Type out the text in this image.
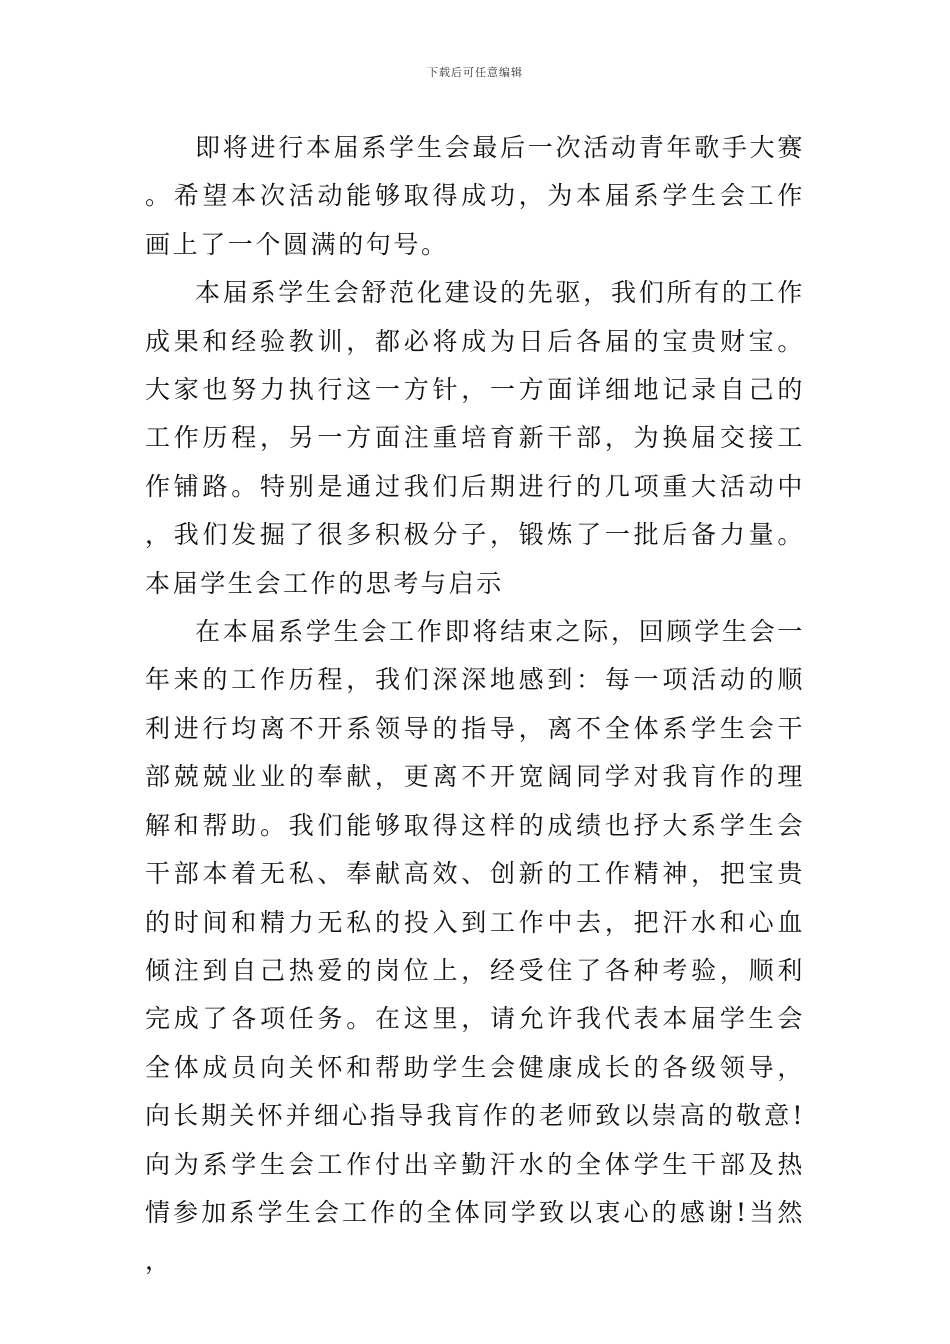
下载后可任意编辑

即将进行本届系学生会最后一次活动青年歌手大赛。希望本次活动能够取得成功，为本届系学生会工作画上了一个圆满的句号。

本届系学生会舒范化建设的先驱，我们所有的工作成果和经验教训，都必将成为日后各届的宝贵财宝。大家也努力执行这一方针，一方面详细地记录自己的工作历程，另一方面注重培育新干部，为换届交接工作铺路。特别是通过我们后期进行的几项重大活动中，我们发掘了很多积极分子，锻炼了一批后备力量。 本届学生会工作的思考与启示

在本届系学生会工作即将结束之际，回顾学生会一年来的工作历程，我们深深地感到：每一项活动的顺利进行均离不开系领导的指导，离不全体系学生会干部兢兢业业的奉献，更离不开宽阔同学对我肓作的理解和帮助。我们能够取得这样的成绩也抒大系学生会干部本着无私、奉献高效、创新的工作精神，把宝贵的时间和精力无私的投入到工作中去，把汗水和心血倾注到自己热爱的岗位上，经受住了各种考验，顺利完成了各项任务。在这里，请允许我代表本届学生会全体成员向关怀和帮助学生会健康成长的各级领导，向长期关怀并细心指导我肓作的老师致以崇高的敬意!向为系学生会工作付出辛勤汗水的全体学生干部及热情参加系学生会工作的全体同学致以衷心的感谢!当然，
